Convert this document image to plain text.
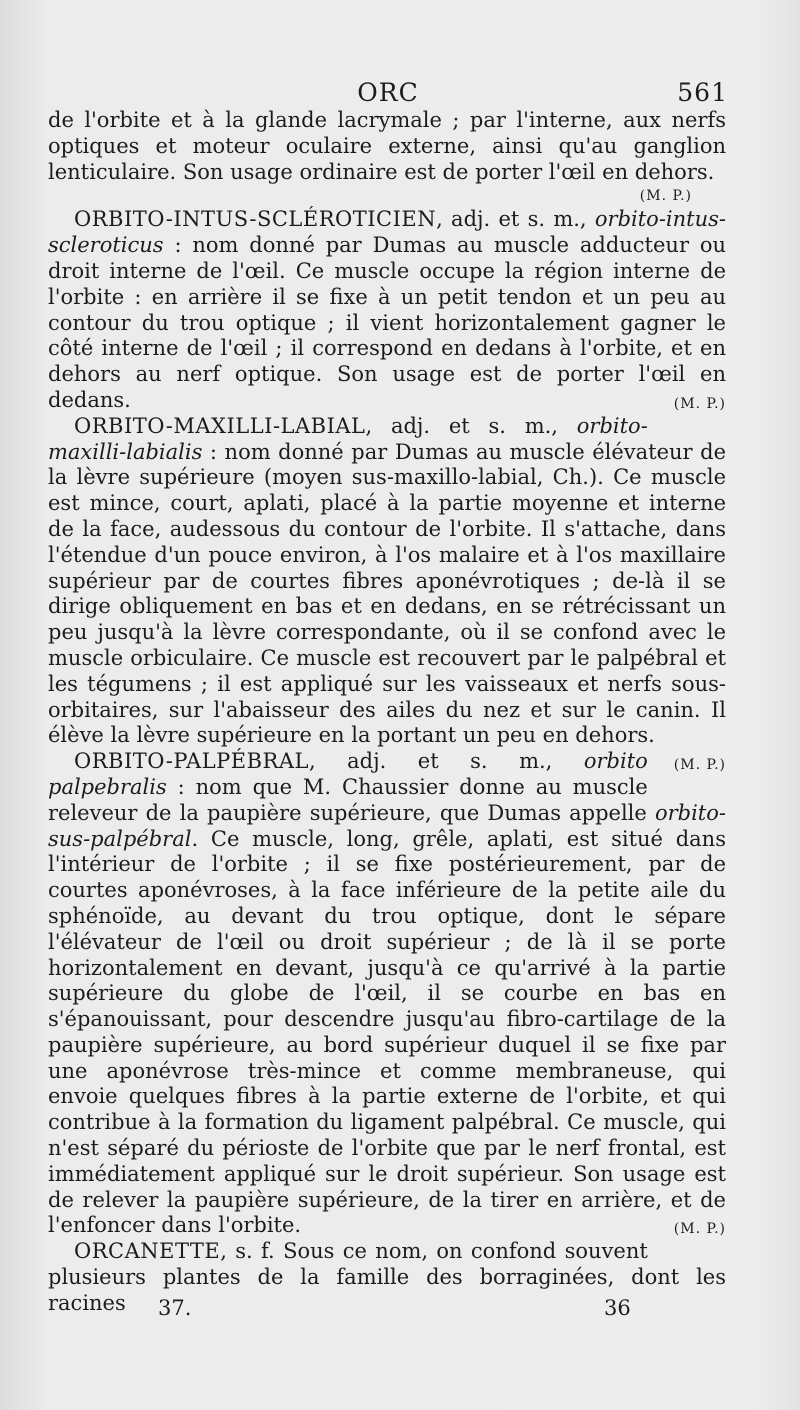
ORC	561

de l'orbite et à la glande lacrymale ; par l'interne, aux nerfs optiques et moteur oculaire externe, ainsi qu'au ganglion lenticulaire. Son usage ordinaire est de porter l'œil en dehors.

(M. P.)

ORBITO-INTUS-SCLÉROTICIEN, adj. et s. m., orbito-intus-scleroticus : nom donné par Dumas au muscle adducteur ou droit interne de l'œil. Ce muscle occupe la région interne de l'orbite : en arrière il se fixe à un petit tendon et un peu au contour du trou optique ; il vient horizontalement gagner le côté interne de l'œil ; il correspond en dedans à l'orbite, et en dehors au nerf optique. Son usage est de porter l'œil en dedans.	(M. P.)

ORBITO-MAXILLI-LABIAL, adj. et s. m., orbito-maxilli-labialis : nom donné par Dumas au muscle élévateur de la lèvre supérieure (moyen sus-maxillo-labial, Ch.). Ce muscle est mince, court, aplati, placé à la partie moyenne et interne de la face, audessous du contour de l'orbite. Il s'attache, dans l'étendue d'un pouce environ, à l'os malaire et à l'os maxillaire supérieur par de courtes fibres aponévrotiques ; de-là il se dirige obliquement en bas et en dedans, en se rétrécissant un peu jusqu'à la lèvre correspondante, où il se confond avec le muscle orbiculaire. Ce muscle est recouvert par le palpébral et les tégumens ; il est appliqué sur les vaisseaux et nerfs sous-orbitaires, sur l'abaisseur des ailes du nez et sur le canin. Il élève la lèvre supérieure en la portant un peu en dehors.
(M. P.)

ORBITO-PALPÉBRAL, adj. et s. m., orbito palpebralis : nom que M. Chaussier donne au muscle releveur de la paupière supérieure, que Dumas appelle orbito-sus-palpébral. Ce muscle, long, grêle, aplati, est situé dans l'intérieur de l'orbite ; il se fixe postérieurement, par de courtes aponévroses, à la face inférieure de la petite aile du sphénoïde, au devant du trou optique, dont le sépare l'élévateur de l'œil ou droit supérieur ; de là il se porte horizontalement en devant, jusqu'à ce qu'arrivé à la partie supérieure du globe de l'œil, il se courbe en bas en s'épanouissant, pour descendre jusqu'au fibro-cartilage de la paupière supérieure, au bord supérieur duquel il se fixe par une aponévrose très-mince et comme membraneuse, qui envoie quelques fibres à la partie externe de l'orbite, et qui contribue à la formation du ligament palpébral. Ce muscle, qui n'est séparé du périoste de l'orbite que par le nerf frontal, est immédiatement appliqué sur le droit supérieur. Son usage est de relever la paupière supérieure, de la tirer en arrière, et de l'enfoncer dans l'orbite.	(M. P.)

ORCANETTE, s. f. Sous ce nom, on confond souvent plusieurs plantes de la famille des borraginées, dont les racines	37.	36
